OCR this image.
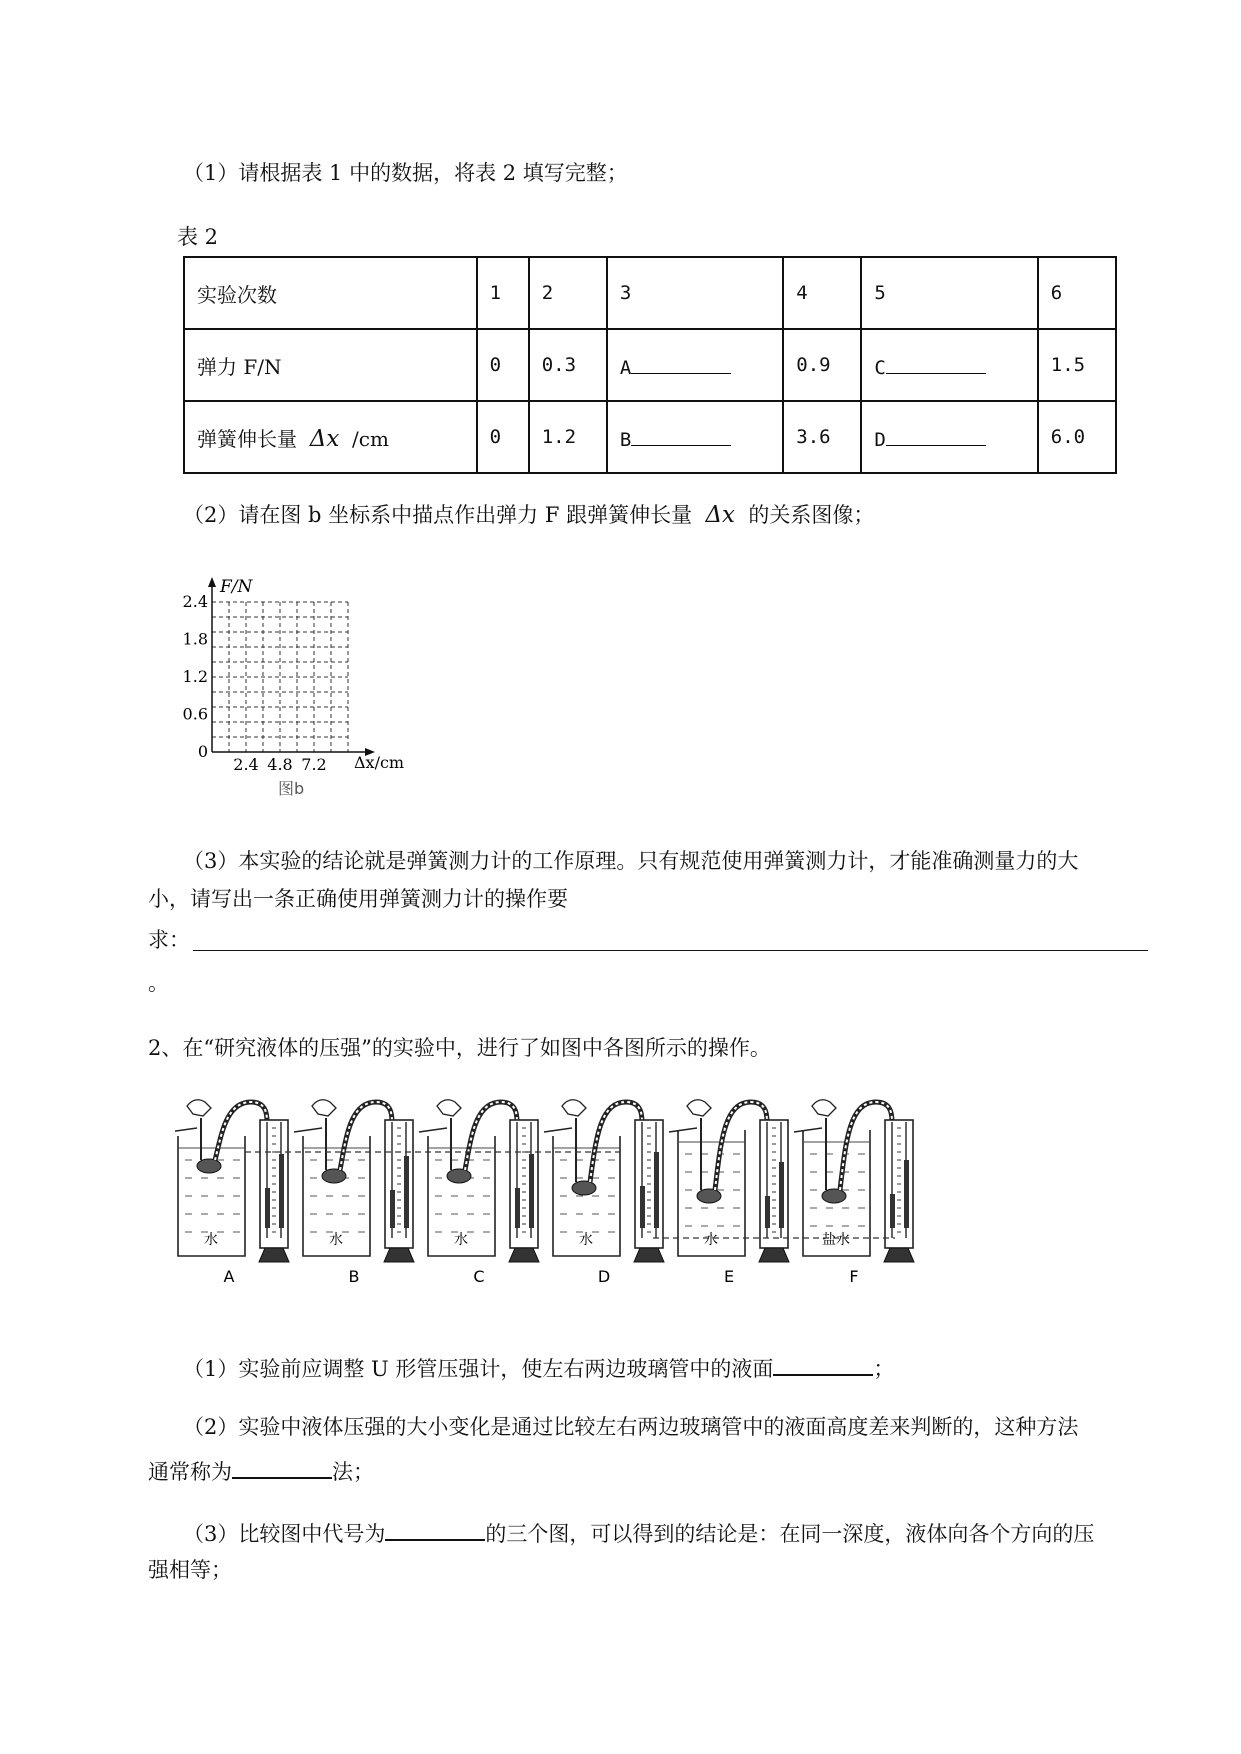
（1）请根据表 1 中的数据，将表 2 填写完整；
表 2
实验次数	1	2	3	4	5	6
弹力 F/N	0	0.3	A	0.9	C	1.5
弹簧伸长量 Δx /cm	0	1.2	B	3.6	D	6.0
（2）请在图 b 坐标系中描点作出弹力 F 跟弹簧伸长量 Δx 的关系图像；
F/N
Δx/cm
2.4
1.8
1.2
0.6
0
2.4 4.8 7.2
图b
（3）本实验的结论就是弹簧测力计的工作原理。只有规范使用弹簧测力计，才能准确测量力的大
小，请写出一条正确使用弹簧测力计的操作要
求：
。
2、在“研究液体的压强”的实验中，进行了如图中各图所示的操作。
水
A
水
B
水
C
水
D
水
E
盐水
F
（1）实验前应调整 U 形管压强计，使左右两边玻璃管中的液面	；
（2）实验中液体压强的大小变化是通过比较左右两边玻璃管中的液面高度差来判断的，这种方法
通常称为	法；
（3）比较图中代号为	的三个图，可以得到的结论是：在同一深度，液体向各个方向的压
强相等；
